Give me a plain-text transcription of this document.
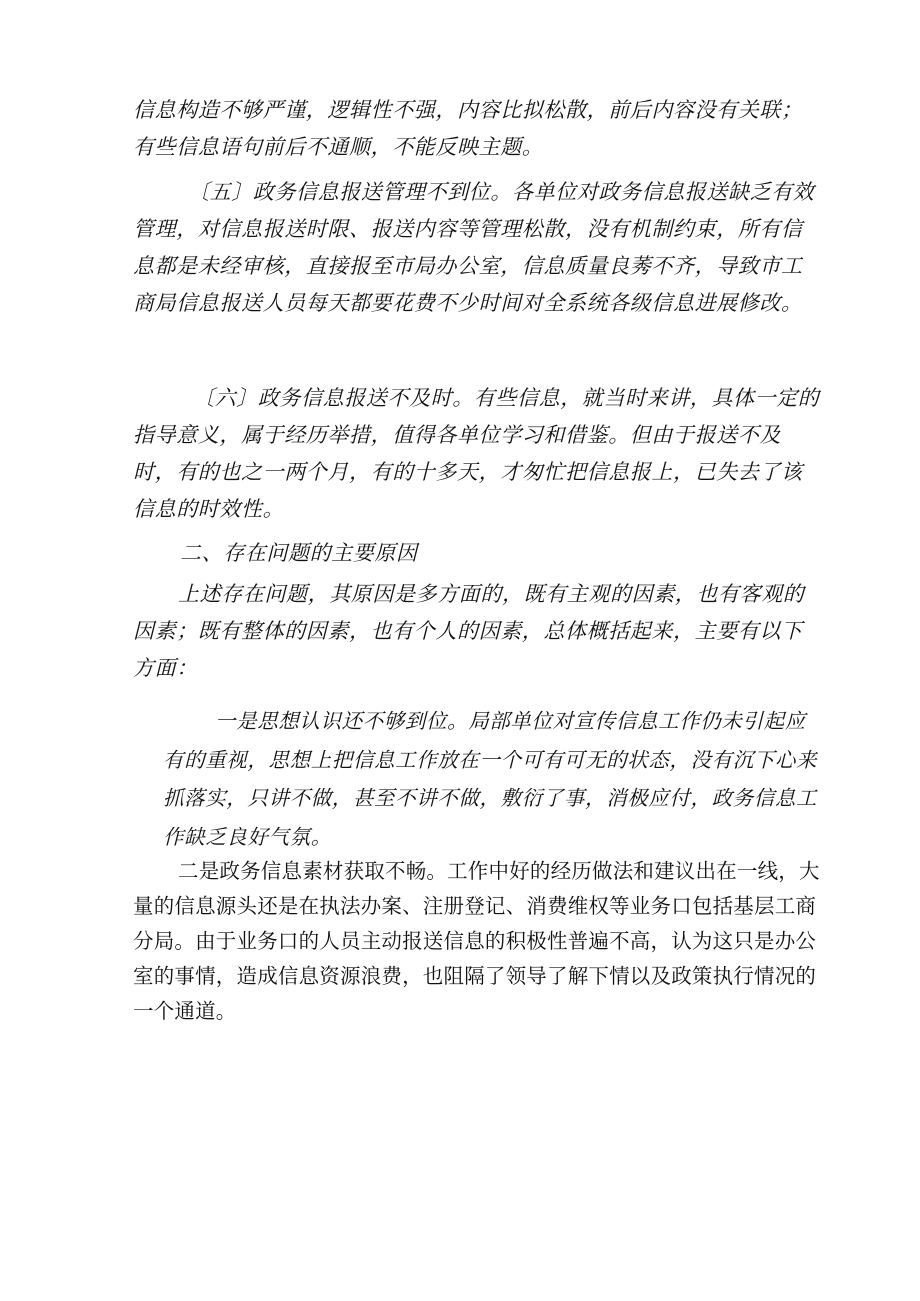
信息构造不够严谨，逻辑性不强，内容比拟松散，前后内容没有关联；有些信息语句前后不通顺，不能反映主题。

〔五〕政务信息报送管理不到位。各单位对政务信息报送缺乏有效管理，对信息报送时限、报送内容等管理松散，没有机制约束，所有信息都是未经审核，直接报至市局办公室，信息质量良莠不齐，导致市工商局信息报送人员每天都要花费不少时间对全系统各级信息进展修改。

〔六〕政务信息报送不及时。有些信息，就当时来讲，具体一定的指导意义，属于经历举措，值得各单位学习和借鉴。但由于报送不及时，有的也之一两个月，有的十多天，才匆忙把信息报上，已失去了该信息的时效性。

二、存在问题的主要原因

上述存在问题，其原因是多方面的，既有主观的因素，也有客观的因素；既有整体的因素，也有个人的因素，总体概括起来，主要有以下方面：

一是思想认识还不够到位。局部单位对宣传信息工作仍未引起应有的重视，思想上把信息工作放在一个可有可无的状态，没有沉下心来抓落实，只讲不做，甚至不讲不做，敷衍了事，消极应付，政务信息工作缺乏良好气氛。

二是政务信息素材获取不畅。工作中好的经历做法和建议出在一线，大量的信息源头还是在执法办案、注册登记、消费维权等业务口包括基层工商分局。由于业务口的人员主动报送信息的积极性普遍不高，认为这只是办公室的事情，造成信息资源浪费，也阻隔了领导了解下情以及政策执行情况的一个通道。
